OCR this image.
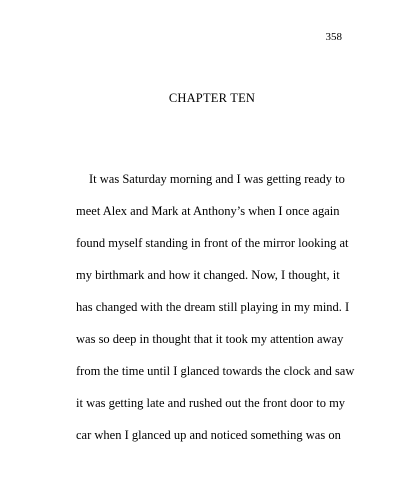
358
CHAPTER TEN
It was Saturday morning and I was getting ready to
meet Alex and Mark at Anthony’s when I once again
found myself standing in front of the mirror looking at
my birthmark and how it changed. Now, I thought, it
has changed with the dream still playing in my mind. I
was so deep in thought that it took my attention away
from the time until I glanced towards the clock and saw
it was getting late and rushed out the front door to my
car when I glanced up and noticed something was on
